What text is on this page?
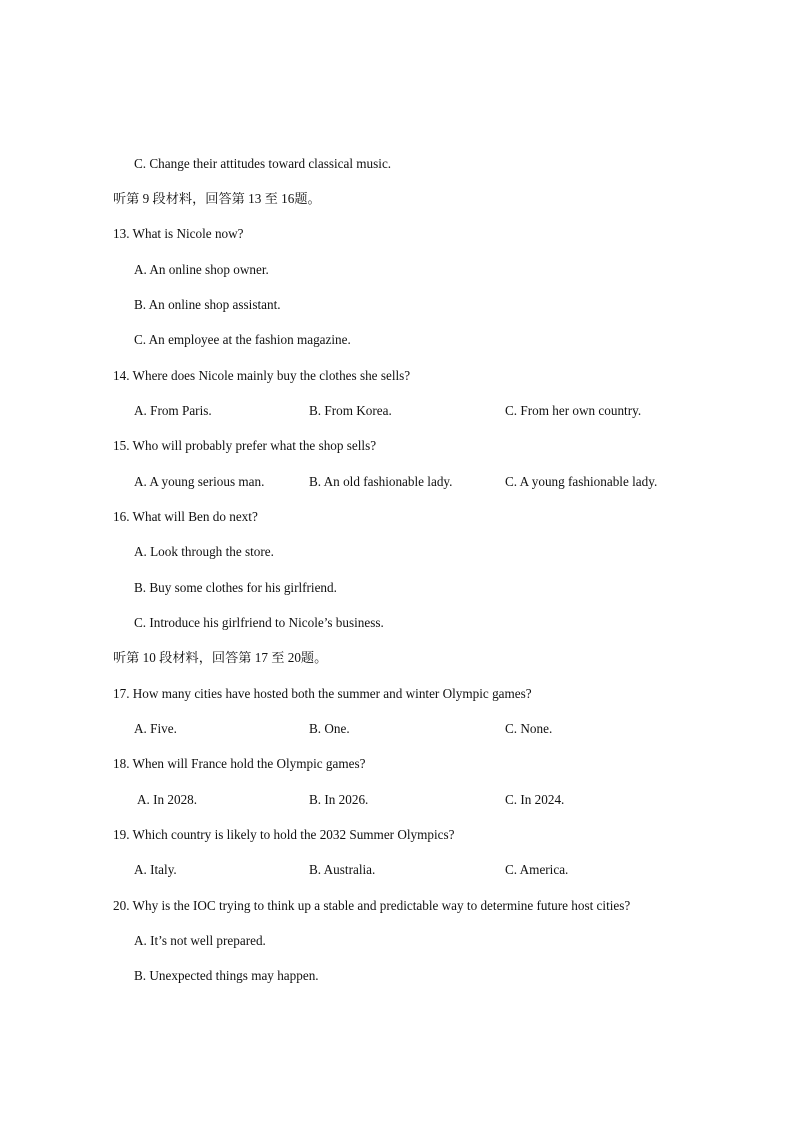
C. Change their attitudes toward classical music.
听第 9 段材料，回答第 13 至 16题。
13. What is Nicole now?
A. An online shop owner.
B. An online shop assistant.
C. An employee at the fashion magazine.
14. Where does Nicole mainly buy the clothes she sells?
A. From Paris.	B. From Korea.	C. From her own country.
15. Who will probably prefer what the shop sells?
A. A young serious man.	B. An old fashionable lady.	C. A young fashionable lady.
16. What will Ben do next?
A. Look through the store.
B. Buy some clothes for his girlfriend.
C. Introduce his girlfriend to Nicole’s business.
听第 10 段材料，回答第 17 至 20题。
17. How many cities have hosted both the summer and winter Olympic games?
A. Five.	B. One.	C. None.
18. When will France hold the Olympic games?
A. In 2028.	B. In 2026.	C. In 2024.
19. Which country is likely to hold the 2032 Summer Olympics?
A. Italy.	B. Australia.	C. America.
20. Why is the IOC trying to think up a stable and predictable way to determine future host cities?
A. It’s not well prepared.
B. Unexpected things may happen.
